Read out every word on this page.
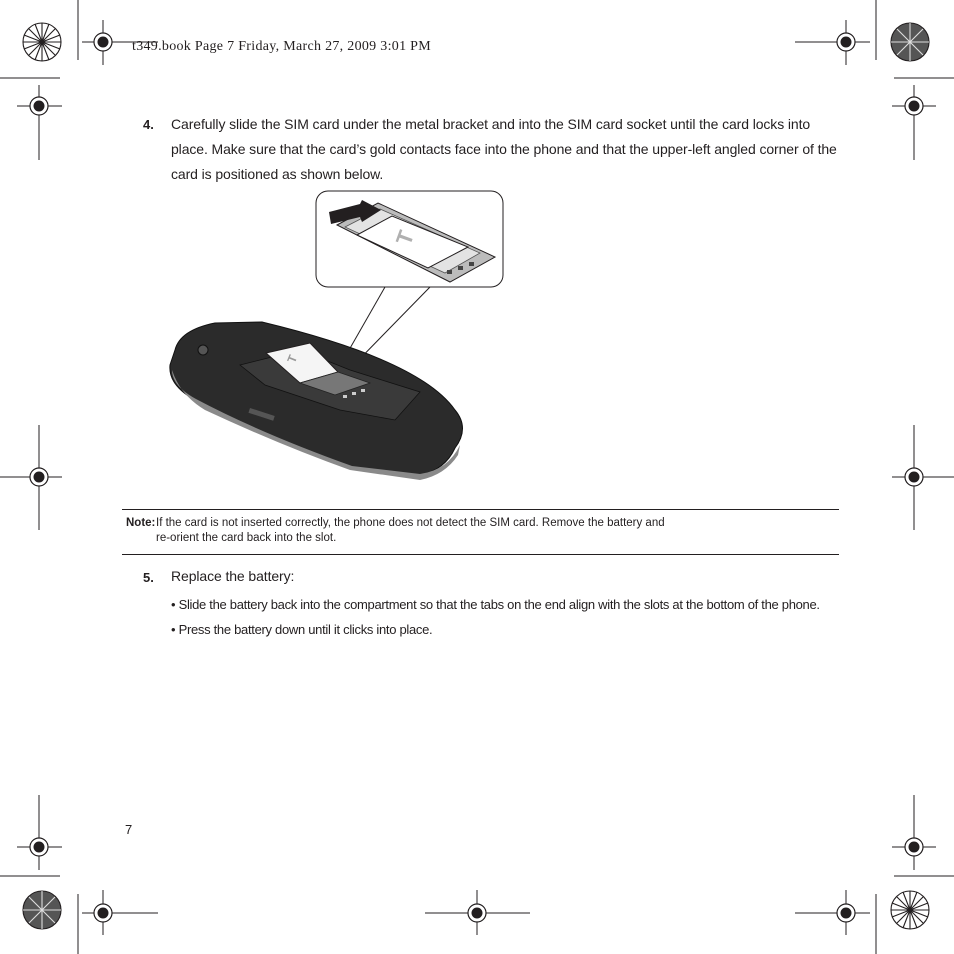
T
T
t349.book Page 7 Friday, March 27, 2009 3:01 PM
4. Carefully slide the SIM card under the metal bracket and into the SIM card socket until the card locks into
place. Make sure that the card’s gold contacts face into the phone and that the upper-left angled corner of the
card is positioned as shown below.
Note: If the card is not inserted correctly, the phone does not detect the SIM card. Remove the battery and
re-orient the card back into the slot.
5. Replace the battery:
• Slide the battery back into the compartment so that the tabs on the end align with the slots at the bottom of the phone.
• Press the battery down until it clicks into place.
7
